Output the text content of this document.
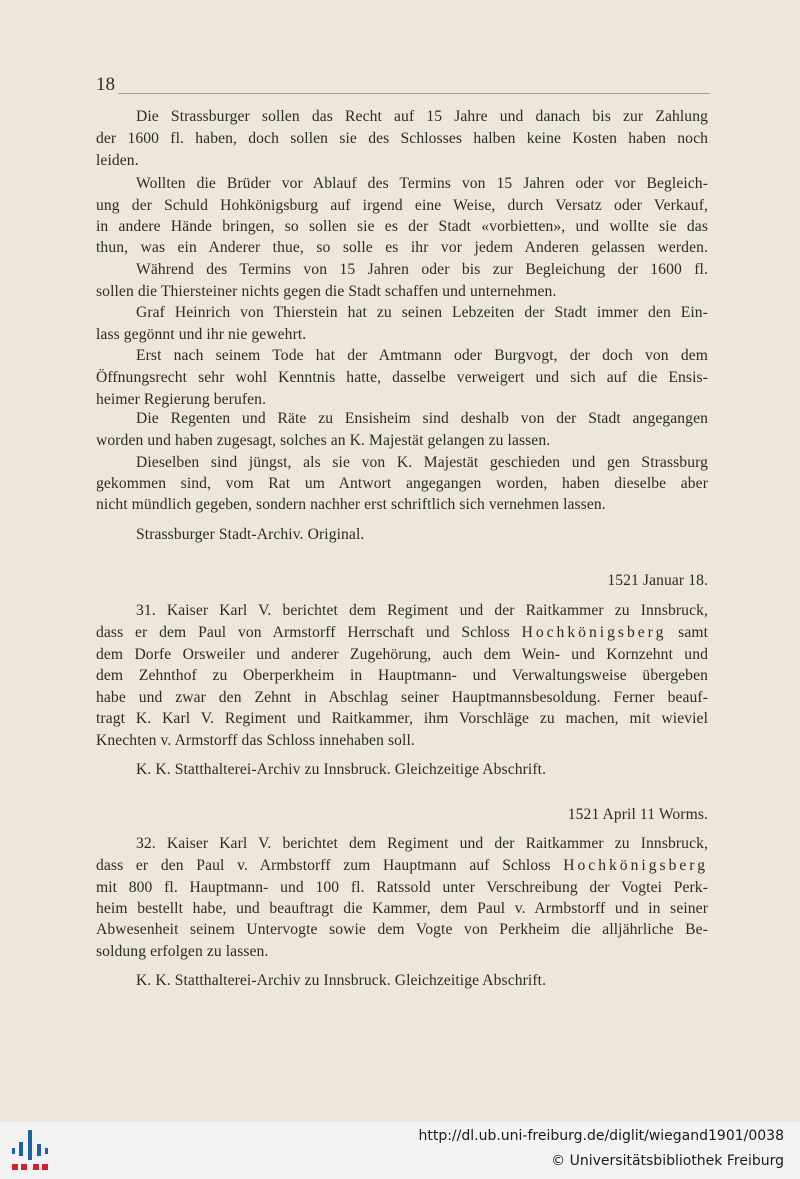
18
Die Strassburger sollen das Recht auf 15 Jahre und danach bis zur Zahlung
der 1600 fl. haben, doch sollen sie des Schlosses halben keine Kosten haben noch
leiden.
Wollten die Brüder vor Ablauf des Termins von 15 Jahren oder vor Begleich-
ung der Schuld Hohkönigsburg auf irgend eine Weise, durch Versatz oder Verkauf,
in andere Hände bringen, so sollen sie es der Stadt «vorbietten», und wollte sie das
thun, was ein Anderer thue, so solle es ihr vor jedem Anderen gelassen werden.
Während des Termins von 15 Jahren oder bis zur Begleichung der 1600 fl.
sollen die Thiersteiner nichts gegen die Stadt schaffen und unternehmen.
Graf Heinrich von Thierstein hat zu seinen Lebzeiten der Stadt immer den Ein-
lass gegönnt und ihr nie gewehrt.
Erst nach seinem Tode hat der Amtmann oder Burgvogt, der doch von dem
Öffnungsrecht sehr wohl Kenntnis hatte, dasselbe verweigert und sich auf die Ensis-
heimer Regierung berufen.
Die Regenten und Räte zu Ensisheim sind deshalb von der Stadt angegangen
worden und haben zugesagt, solches an K. Majestät gelangen zu lassen.
Dieselben sind jüngst, als sie von K. Majestät geschieden und gen Strassburg
gekommen sind, vom Rat um Antwort angegangen worden, haben dieselbe aber
nicht mündlich gegeben, sondern nachher erst schriftlich sich vernehmen lassen.
Strassburger Stadt-Archiv. Original.
1521 Januar 18.
31. Kaiser Karl V. berichtet dem Regiment und der Raitkammer zu Innsbruck,
dass er dem Paul von Armstorff Herrschaft und Schloss Hochkönigsberg samt
dem Dorfe Orsweiler und anderer Zugehörung, auch dem Wein- und Kornzehnt und
dem Zehnthof zu Oberperkheim in Hauptmann- und Verwaltungsweise übergeben
habe und zwar den Zehnt in Abschlag seiner Hauptmannsbesoldung. Ferner beauf-
tragt K. Karl V. Regiment und Raitkammer, ihm Vorschläge zu machen, mit wieviel
Knechten v. Armstorff das Schloss innehaben soll.
K. K. Statthalterei-Archiv zu Innsbruck. Gleichzeitige Abschrift.
1521 April 11 Worms.
32. Kaiser Karl V. berichtet dem Regiment und der Raitkammer zu Innsbruck,
dass er den Paul v. Armbstorff zum Hauptmann auf Schloss Hochkönigsberg
mit 800 fl. Hauptmann- und 100 fl. Ratssold unter Verschreibung der Vogtei Perk-
heim bestellt habe, und beauftragt die Kammer, dem Paul v. Armbstorff und in seiner
Abwesenheit seinem Untervogte sowie dem Vogte von Perkheim die alljährliche Be-
soldung erfolgen zu lassen.
K. K. Statthalterei-Archiv zu Innsbruck. Gleichzeitige Abschrift.
http://dl.ub.uni-freiburg.de/diglit/wiegand1901/0038
© Universitätsbibliothek Freiburg
